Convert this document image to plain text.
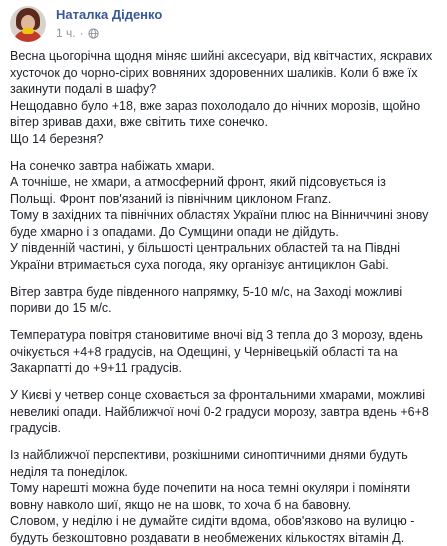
Наталка Діденко
1 ч. ·

Весна цьогорічна щодня міняє шийні аксесуари, від квітчастих, яскравих
хусточок до чорно-сірих вовняних здоровенних шаликів. Коли б вже їх
закинути подалі в шафу?
Нещодавно було +18, вже зараз похолодало до нічних морозів, щойно
вітер зривав дахи, вже світить тихе сонечко.
Що 14 березня?

На сонечко завтра набіжать хмари.
А точніше, не хмари, а атмосферний фронт, який підсовується із
Польщі. Фронт пов'язаний із північним циклоном Franz.
Тому в західних та північних областях України плюс на Вінниччині знову
буде хмарно і з опадами. До Сумщини опади не дійдуть.
У південній частині, у більшості центральних областей та на Півдні
України втримається суха погода, яку організує антициклон Gabi.

Вітер завтра буде південного напрямку, 5-10 м/с, на Заході можливі
пориви до 15 м/с.

Температура повітря становитиме вночі від 3 тепла до 3 морозу, вдень
очікується +4+8 градусів, на Одещині, у Чернівецькій області та на
Закарпатті до +9+11 градусів.

У Києві у четвер сонце сховається за фронтальними хмарами, можливі
невеликі опади. Найближчої ночі 0-2 градуси морозу, завтра вдень +6+8
градусів.

Із найближчої перспективи, розкішними синоптичними днями будуть
неділя та понеділок.
Тому нарешті можна буде почепити на носа темні окуляри і поміняти
вовну навколо шиї, якщо не на шовк, то хоча б на бавовну.
Словом, у неділю і не думайте сидіти вдома, обов'язково на вулицю -
будуть безкоштовно роздавати в необмежених кількостях вітамін Д.
